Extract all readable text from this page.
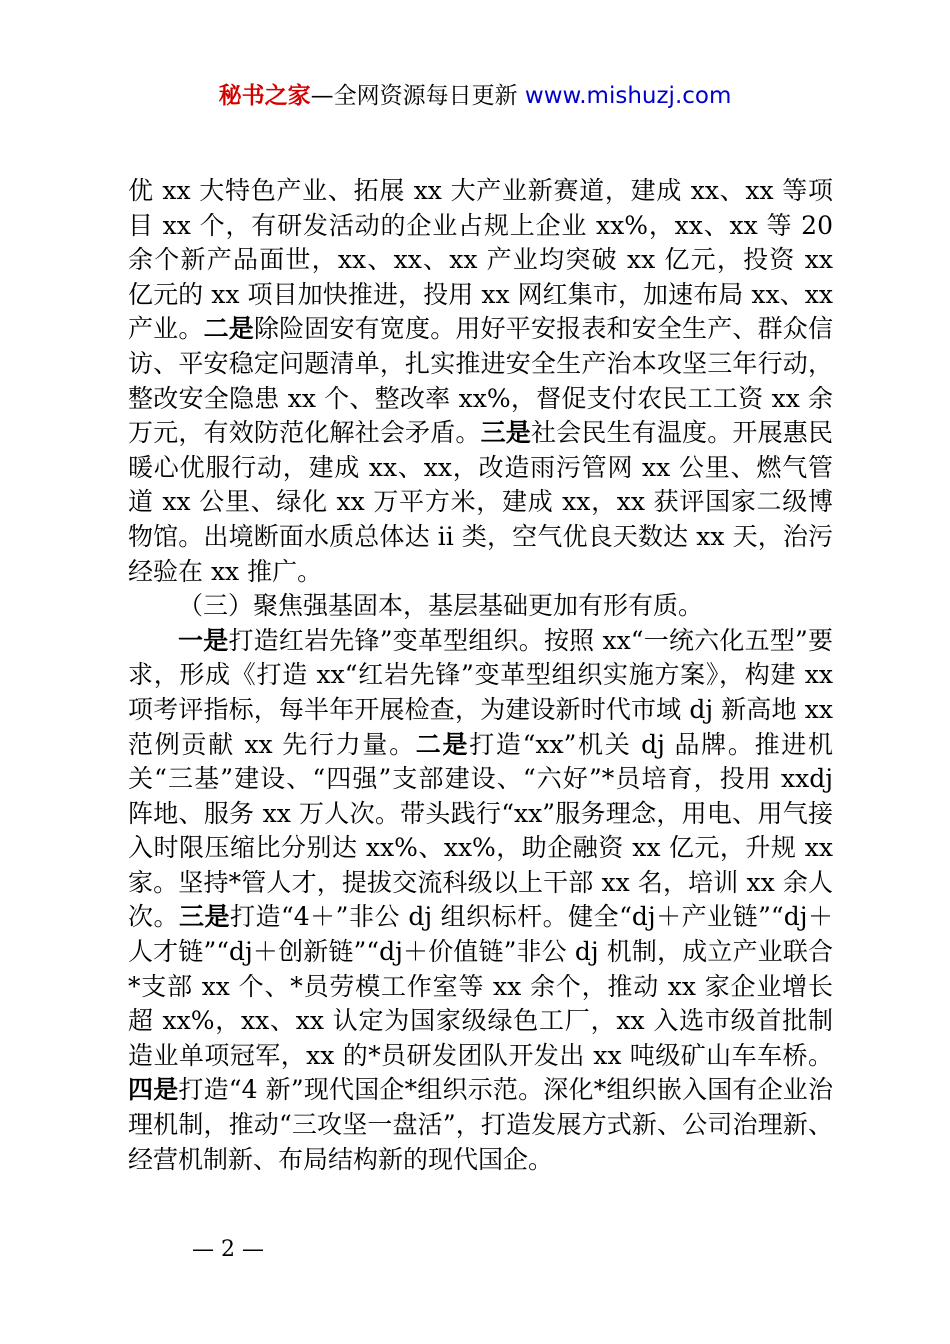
秘书之家—全网资源每日更新 www.mishuzj.com

优 xx 大特色产业、拓展 xx 大产业新赛道，建成 xx、xx 等项目 xx 个，有研发活动的企业占规上企业 xx%，xx、xx 等 20 余个新产品面世，xx、xx、xx 产业均突破 xx 亿元，投资 xx 亿元的 xx 项目加快推进，投用 xx 网红集市，加速布局 xx、xx 产业。二是除险固安有宽度。用好平安报表和安全生产、群众信访、平安稳定问题清单，扎实推进安全生产治本攻坚三年行动，整改安全隐患 xx 个、整改率 xx%，督促支付农民工工资 xx 余万元，有效防范化解社会矛盾。三是社会民生有温度。开展惠民暖心优服行动，建成 xx、xx，改造雨污管网 xx 公里、燃气管道 xx 公里、绿化 xx 万平方米，建成 xx，xx 获评国家二级博物馆。出境断面水质总体达 ii 类，空气优良天数达 xx 天，治污经验在 xx 推广。

（三）聚焦强基固本，基层基础更加有形有质。

一是打造红岩先锋”变革型组织。按照 xx“一统六化五型”要求，形成《打造 xx“红岩先锋”变革型组织实施方案》，构建 xx 项考评指标，每半年开展检查，为建设新时代市域 dj 新高地 xx 范例贡献 xx 先行力量。二是打造“xx”机关 dj 品牌。推进机关“三基”建设、“四强”支部建设、“六好”*员培育，投用 xxdj 阵地、服务 xx 万人次。带头践行“xx”服务理念，用电、用气接入时限压缩比分别达 xx%、xx%，助企融资 xx 亿元，升规 xx 家。坚持*管人才，提拔交流科级以上干部 xx 名，培训 xx 余人次。三是打造“4＋”非公 dj 组织标杆。健全“dj＋产业链”“dj＋人才链”“dj＋创新链”“dj＋价值链”非公 dj 机制，成立产业联合*支部 xx 个、*员劳模工作室等 xx 余个，推动 xx 家企业增长超 xx%，xx、xx 认定为国家级绿色工厂，xx 入选市级首批制造业单项冠军，xx 的*员研发团队开发出 xx 吨级矿山车车桥。四是打造“4 新”现代国企*组织示范。深化*组织嵌入国有企业治理机制，推动“三攻坚一盘活”，打造发展方式新、公司治理新、经营机制新、布局结构新的现代国企。

— 2 —
